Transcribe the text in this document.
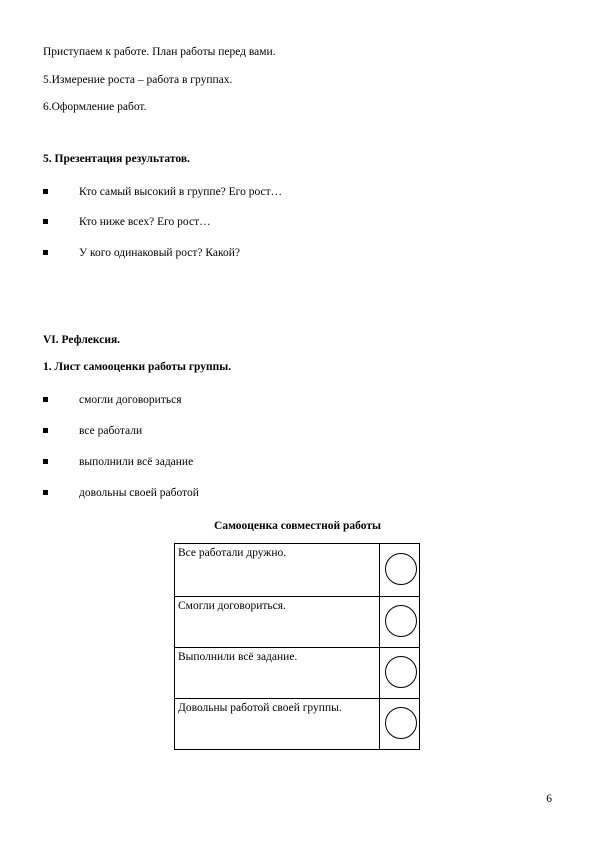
Приступаем к работе. План работы перед вами.
5.Измерение роста – работа в группах.
6.Оформление работ.
5. Презентация результатов.
Кто самый высокий в группе? Его рост…
Кто ниже всех? Его рост…
У кого одинаковый рост? Какой?
VI. Рефлексия.
1. Лист самооценки работы группы.
смогли договориться
все работали
выполнили всё задание
довольны своей работой
Самооценка совместной работы
Все работали дружно.
Смогли договориться.
Выполнили всё задание.
Довольны работой своей группы.
6
